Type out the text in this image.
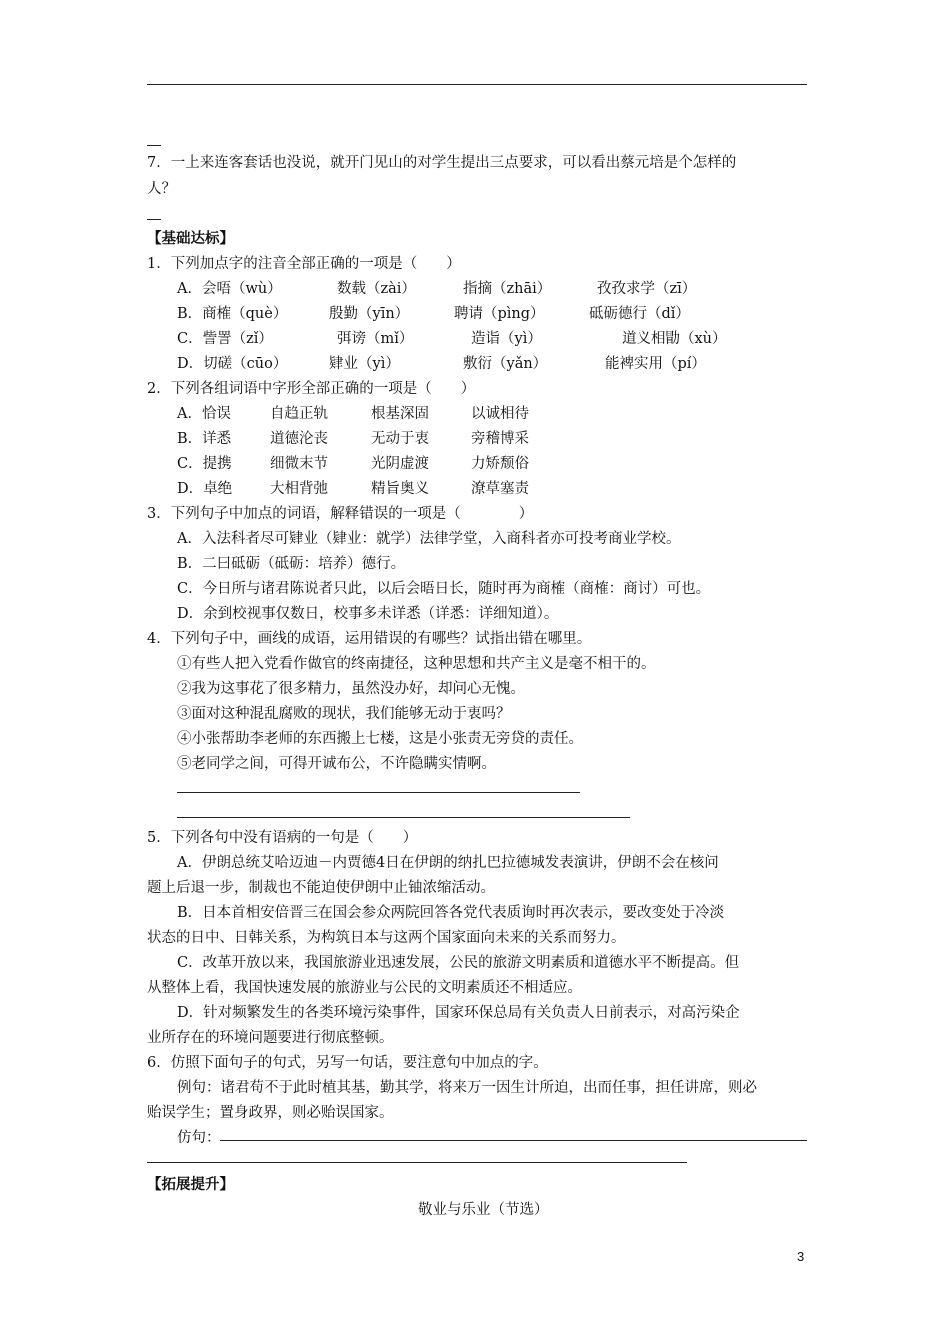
7．一上来连客套话也没说，就开门见山的对学生提出三点要求，可以看出蔡元培是个怎样的
人？
【基础达标】
1．下列加点字的注音全部正确的一项是（　　）
A．会唔（wù）	数载（zài）	指摘（zhāi）	孜孜求学（zī）
B．商榷（què）	殷勤（yīn）	聘请（pìng）	砥砺德行（dǐ）
C．訾詈（zǐ）	弭谤（mǐ）	造诣（yì）	道义相勖（xù）
D．切磋（cūo）	肄业（yì）	敷衍（yǎn）	能裨实用（pí）
2．下列各组词语中字形全部正确的一项是（　　）
A．恰误	自趋正轨	根基深固	以诚相待
B．详悉	道德沦丧	无动于衷	旁稽博采
C．提携	细微末节	光阴虚渡	力矫颓俗
D．卓绝	大相背弛	精旨奥义	潦草塞责
3．下列句子中加点的词语，解释错误的一项是（　　　　）
A．入法科者尽可肄业（肄业：就学）法律学堂，入商科者亦可投考商业学校。
B．二曰砥砺（砥砺：培养）德行。
C．今日所与诸君陈说者只此，以后会晤日长，随时再为商榷（商榷：商讨）可也。
D．余到校视事仅数日，校事多未详悉（详悉：详细知道）。
4．下列句子中，画线的成语，运用错误的有哪些？试指出错在哪里。
①有些人把入党看作做官的终南捷径，这种思想和共产主义是毫不相干的。
②我为这事花了很多精力，虽然没办好，却问心无愧。
③面对这种混乱腐败的现状，我们能够无动于衷吗？
④小张帮助李老师的东西搬上七楼，这是小张责无旁贷的责任。
⑤老同学之间，可得开诚布公，不许隐瞒实情啊。
5．下列各句中没有语病的一句是（　　）
A．伊朗总统艾哈迈迪－内贾德4日在伊朗的纳扎巴拉德城发表演讲，伊朗不会在核问
题上后退一步，制裁也不能迫使伊朗中止铀浓缩活动。
B．日本首相安倍晋三在国会参众两院回答各党代表质询时再次表示，要改变处于冷淡
状态的日中、日韩关系，为构筑日本与这两个国家面向未来的关系而努力。
C．改革开放以来，我国旅游业迅速发展，公民的旅游文明素质和道德水平不断提高。但
从整体上看，我国快速发展的旅游业与公民的文明素质还不相适应。
D．针对频繁发生的各类环境污染事件，国家环保总局有关负责人日前表示，对高污染企
业所存在的环境问题要进行彻底整顿。
6．仿照下面句子的句式，另写一句话，要注意句中加点的字。
例句：诸君苟不于此时植其基，勤其学，将来万一因生计所迫，出而任事，担任讲席，则必
贻误学生；置身政界，则必贻误国家。
仿句：
【拓展提升】
敬业与乐业（节选）
3
